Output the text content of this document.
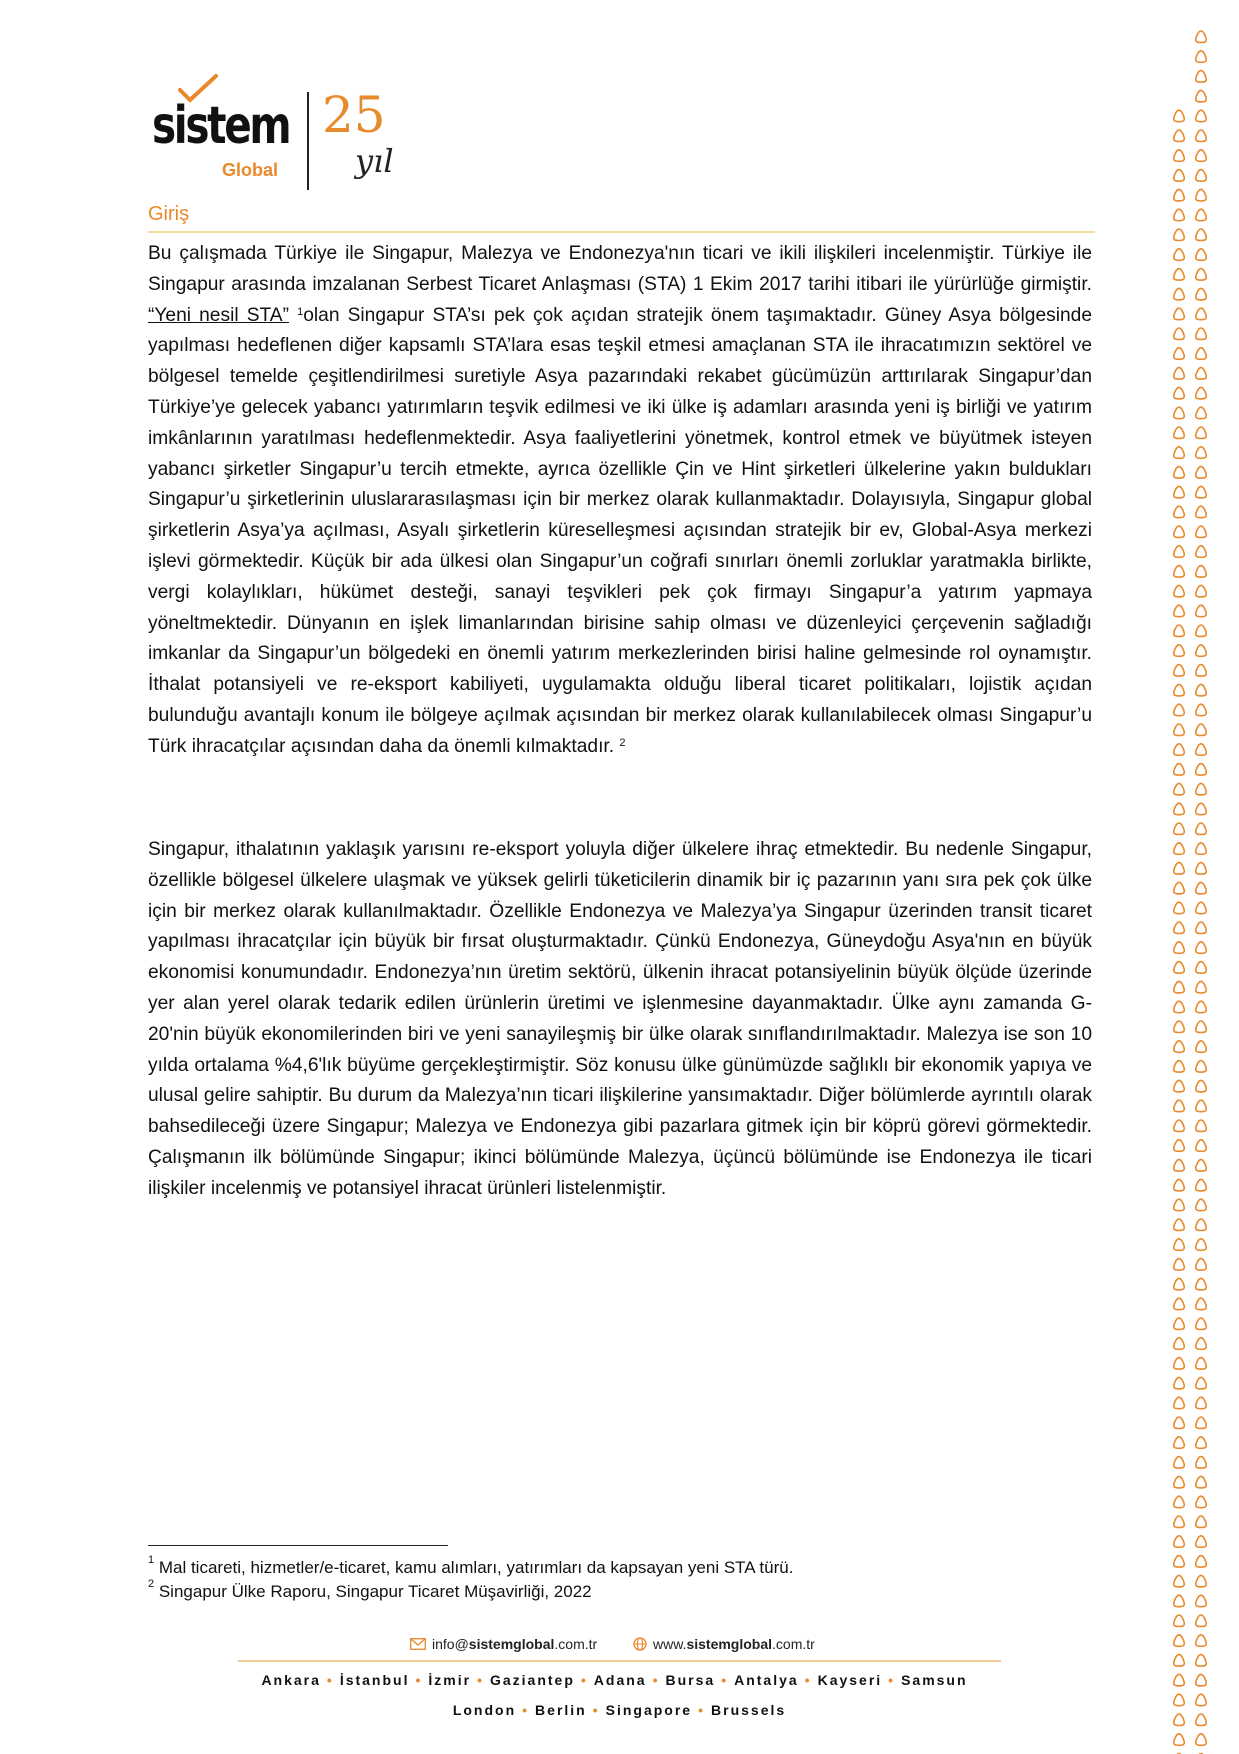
sistem
Global
25
yıl
Giriş

Bu çalışmada Türkiye ile Singapur, Malezya ve Endonezya'nın ticari ve ikili ilişkileri incelenmiştir. Türkiye ile Singapur arasında imzalanan Serbest Ticaret Anlaşması (STA) 1 Ekim 2017 tarihi itibari ile yürürlüğe girmiştir. “Yeni nesil STA” $^1$olan Singapur STA’sı pek çok açıdan stratejik önem taşımaktadır. Güney Asya bölgesinde yapılması hedeflenen diğer kapsamlı STA’lara esas teşkil etmesi amaçlanan STA ile ihracatımızın sektörel ve bölgesel temelde çeşitlendirilmesi suretiyle Asya pazarındaki rekabet gücümüzün arttırılarak Singapur’dan Türkiye’ye gelecek yabancı yatırımların teşvik edilmesi ve iki ülke iş adamları arasında yeni iş birliği ve yatırım imkânlarının yaratılması hedeflenmektedir. Asya faaliyetlerini yönetmek, kontrol etmek ve büyütmek isteyen yabancı şirketler Singapur’u tercih etmekte, ayrıca özellikle Çin ve Hint şirketleri ülkelerine yakın buldukları Singapur’u şirketlerinin uluslararasılaşması için bir merkez olarak kullanmaktadır. Dolayısıyla, Singapur global şirketlerin Asya’ya açılması, Asyalı şirketlerin küreselleşmesi açısından stratejik bir ev, Global-Asya merkezi işlevi görmektedir. Küçük bir ada ülkesi olan Singapur’un coğrafi sınırları önemli zorluklar yaratmakla birlikte, vergi kolaylıkları, hükümet desteği, sanayi teşvikleri pek çok firmayı Singapur’a yatırım yapmaya yöneltmektedir. Dünyanın en işlek limanlarından birisine sahip olması ve düzenleyici çerçevenin sağladığı imkanlar da Singapur’un bölgedeki en önemli yatırım merkezlerinden birisi haline gelmesinde rol oynamıştır. İthalat potansiyeli ve re-eksport kabiliyeti, uygulamakta olduğu liberal ticaret politikaları, lojistik açıdan bulunduğu avantajlı konum ile bölgeye açılmak açısından bir merkez olarak kullanılabilecek olması Singapur’u Türk ihracatçılar açısından daha da önemli kılmaktadır. $^2$

Singapur, ithalatının yaklaşık yarısını re-eksport yoluyla diğer ülkelere ihraç etmektedir. Bu nedenle Singapur, özellikle bölgesel ülkelere ulaşmak ve yüksek gelirli tüketicilerin dinamik bir iç pazarının yanı sıra pek çok ülke için bir merkez olarak kullanılmaktadır. Özellikle Endonezya ve Malezya’ya Singapur üzerinden transit ticaret yapılması ihracatçılar için büyük bir fırsat oluşturmaktadır. Çünkü Endonezya, Güneydoğu Asya'nın en büyük ekonomisi konumundadır. Endonezya’nın üretim sektörü, ülkenin ihracat potansiyelinin büyük ölçüde üzerinde yer alan yerel olarak tedarik edilen ürünlerin üretimi ve işlenmesine dayanmaktadır. Ülke aynı zamanda G-20'nin büyük ekonomilerinden biri ve yeni sanayileşmiş bir ülke olarak sınıflandırılmaktadır. Malezya ise son 10 yılda ortalama %4,6'lık büyüme gerçekleştirmiştir. Söz konusu ülke günümüzde sağlıklı bir ekonomik yapıya ve ulusal gelire sahiptir. Bu durum da Malezya’nın ticari ilişkilerine yansımaktadır. Diğer bölümlerde ayrıntılı olarak bahsedileceği üzere Singapur; Malezya ve Endonezya gibi pazarlara gitmek için bir köprü görevi görmektedir. Çalışmanın ilk bölümünde Singapur; ikinci bölümünde Malezya, üçüncü bölümünde ise Endonezya ile ticari ilişkiler incelenmiş ve potansiyel ihracat ürünleri listelenmiştir.

$^1$ Mal ticareti, hizmetler/e-ticaret, kamu alımları, yatırımları da kapsayan yeni STA türü.
$^2$ Singapur Ülke Raporu, Singapur Ticaret Müşavirliği, 2022
info@sistemglobal.com.tr	www.sistemglobal.com.tr
Ankara • İstanbul • İzmir • Gaziantep • Adana • Bursa • Antalya • Kayseri • Samsun
London • Berlin • Singapore • Brussels
